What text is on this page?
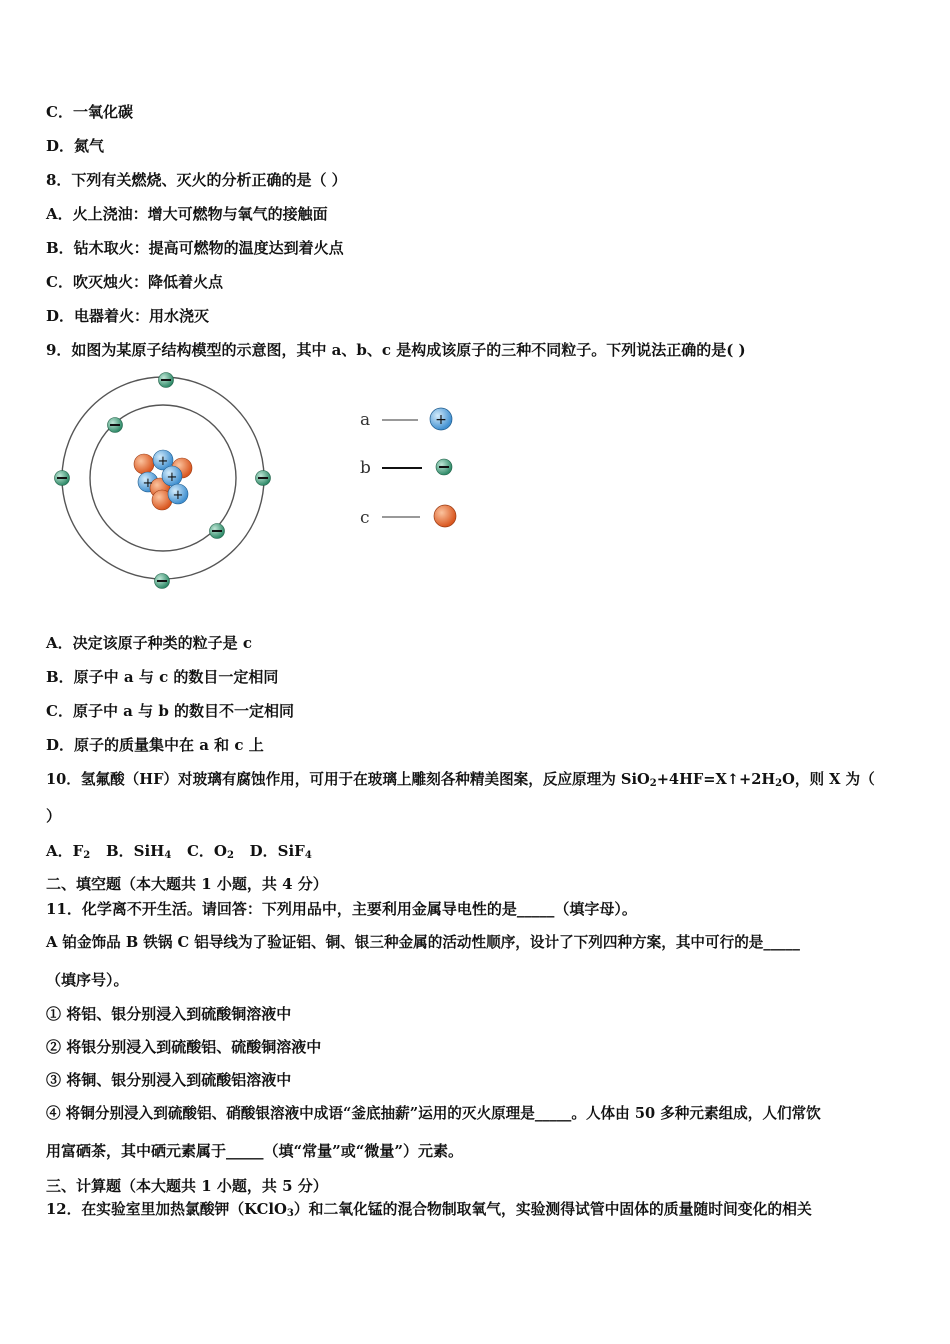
C．一氧化碳
D．氮气
8．下列有关燃烧、灭火的分析正确的是（ ）
A．火上浇油：增大可燃物与氧气的接触面
B．钻木取火：提高可燃物的温度达到着火点
C．吹灭烛火：降低着火点
D．电器着火：用水浇灭
9．如图为某原子结构模型的示意图，其中 a、b、c 是构成该原子的三种不同粒子。下列说法正确的是( )
+
+ +
+
a	+
b
c
A．决定该原子种类的粒子是 c
B．原子中 a 与 c 的数目一定相同
C．原子中 a 与 b 的数目不一定相同
D．原子的质量集中在 a 和 c 上
10．氢氟酸（HF）对玻璃有腐蚀作用，可用于在玻璃上雕刻各种精美图案，反应原理为 $SiO_2+4HF=X↑+2H_2O$，则 X 为（
）
A．$F_2$ B．SiH$_4$ C．$O_2$ D．SiF$_4$
二、填空题（本大题共 1 小题，共 4 分）
11．化学离不开生活。请回答：下列用品中，主要利用金属导电性的是_____（填字母）。
A 铂金饰品 B 铁锅 C 铝导线为了验证铝、铜、银三种金属的活动性顺序，设计了下列四种方案，其中可行的是_____
（填序号）。
① 将铝、银分别浸入到硫酸铜溶液中
② 将银分别浸入到硫酸铝、硫酸铜溶液中
③ 将铜、银分别浸入到硫酸铝溶液中
④ 将铜分别浸入到硫酸铝、硝酸银溶液中成语“釜底抽薪”运用的灭火原理是_____。人体由 50 多种元素组成，人们常饮
用富硒茶，其中硒元素属于_____（填“常量”或“微量”）元素。
三、计算题（本大题共 1 小题，共 5 分）
12．在实验室里加热氯酸钾（KClO$_3$）和二氧化锰的混合物制取氧气，实验测得试管中固体的质量随时间变化的相关
